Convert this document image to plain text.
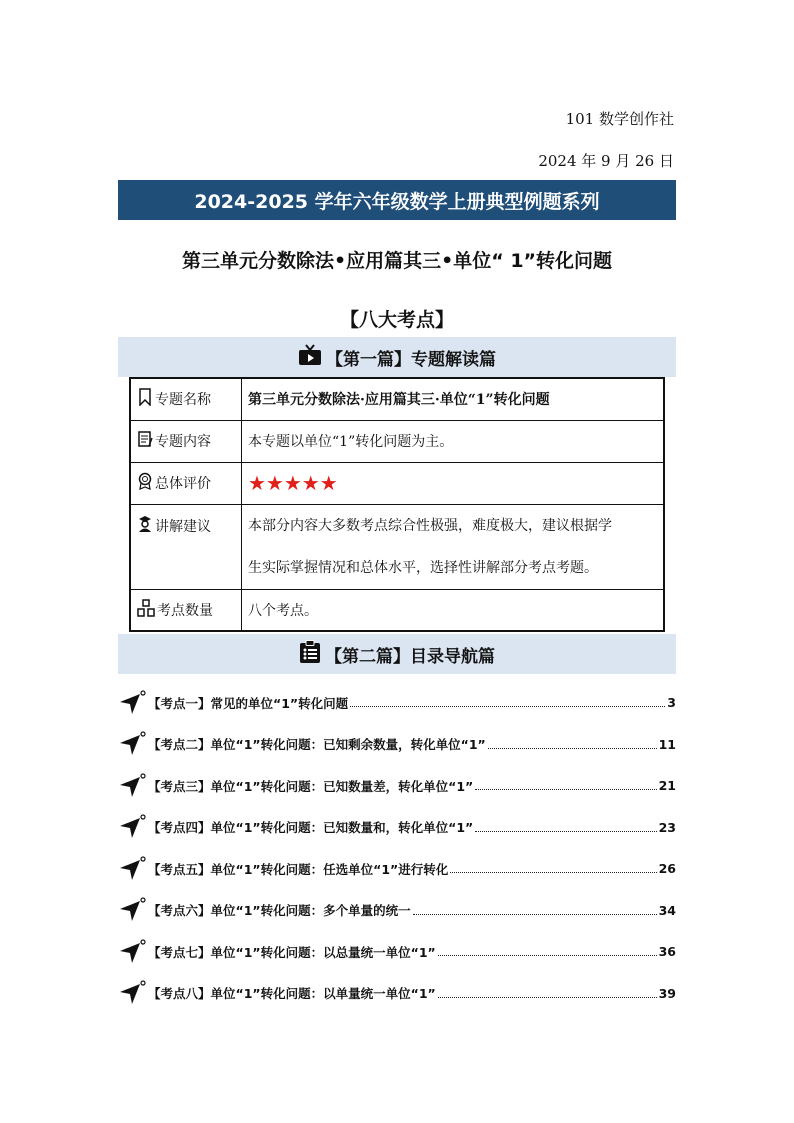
101 数学创作社
2024 年 9 月 26 日
2024-2025 学年六年级数学上册典型例题系列
第三单元分数除法•应用篇其三•单位“ 1”转化问题
【八大考点】
【第一篇】专题解读篇
专题名称	第三单元分数除法·应用篇其三·单位“1”转化问题

专题内容	本专题以单位“1”转化问题为主。

总体评价	★★★★★

讲解建议	本部分内容大多数考点综合性极强，难度极大，建议根据学
生实际掌握情况和总体水平，选择性讲解部分考点考题。

考点数量	八个考点。
【第二篇】目录导航篇
【考点一】常见的单位“1”转化问题	3
【考点二】单位“1”转化问题：已知剩余数量，转化单位“1”	11
【考点三】单位“1”转化问题：已知数量差，转化单位“1”	21
【考点四】单位“1”转化问题：已知数量和，转化单位“1”	23
【考点五】单位“1”转化问题：任选单位“1”进行转化	26
【考点六】单位“1”转化问题：多个单量的统一	34
【考点七】单位“1”转化问题：以总量统一单位“1”	36
【考点八】单位“1”转化问题：以单量统一单位“1”	39
